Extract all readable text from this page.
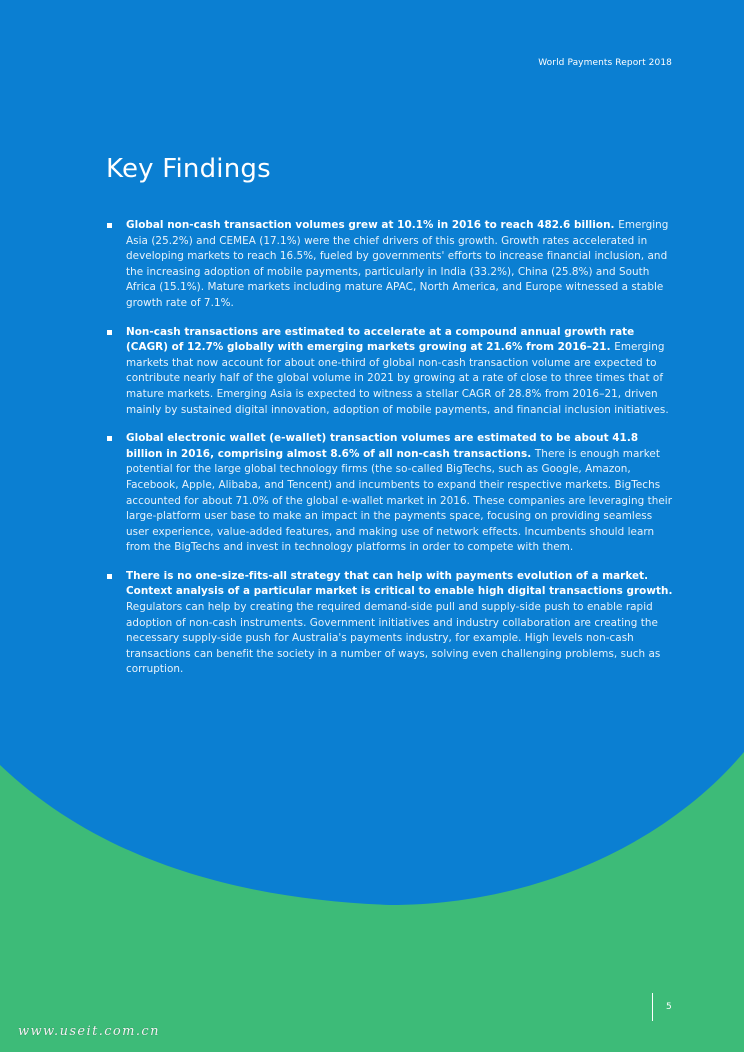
World Payments Report 2018
Key Findings
Global non-cash transaction volumes grew at 10.1% in 2016 to reach 482.6 billion. Emerging Asia (25.2%) and CEMEA (17.1%) were the chief drivers of this growth. Growth rates accelerated in developing markets to reach 16.5%, fueled by governments' efforts to increase financial inclusion, and the increasing adoption of mobile payments, particularly in India (33.2%), China (25.8%) and South Africa (15.1%). Mature markets including mature APAC, North America, and Europe witnessed a stable growth rate of 7.1%.
Non-cash transactions are estimated to accelerate at a compound annual growth rate (CAGR) of 12.7% globally with emerging markets growing at 21.6% from 2016–21. Emerging markets that now account for about one-third of global non-cash transaction volume are expected to contribute nearly half of the global volume in 2021 by growing at a rate of close to three times that of mature markets. Emerging Asia is expected to witness a stellar CAGR of 28.8% from 2016–21, driven mainly by sustained digital innovation, adoption of mobile payments, and financial inclusion initiatives.
Global electronic wallet (e-wallet) transaction volumes are estimated to be about 41.8 billion in 2016, comprising almost 8.6% of all non-cash transactions. There is enough market potential for the large global technology firms (the so-called BigTechs, such as Google, Amazon, Facebook, Apple, Alibaba, and Tencent) and incumbents to expand their respective markets. BigTechs accounted for about 71.0% of the global e-wallet market in 2016. These companies are leveraging their large-platform user base to make an impact in the payments space, focusing on providing seamless user experience, value-added features, and making use of network effects. Incumbents should learn from the BigTechs and invest in technology platforms in order to compete with them.
There is no one-size-fits-all strategy that can help with payments evolution of a market. Context analysis of a particular market is critical to enable high digital transactions growth. Regulators can help by creating the required demand-side pull and supply-side push to enable rapid adoption of non-cash instruments. Government initiatives and industry collaboration are creating the necessary supply-side push for Australia's payments industry, for example. High levels non-cash transactions can benefit the society in a number of ways, solving even challenging problems, such as corruption.
5
www.useit.com.cn
